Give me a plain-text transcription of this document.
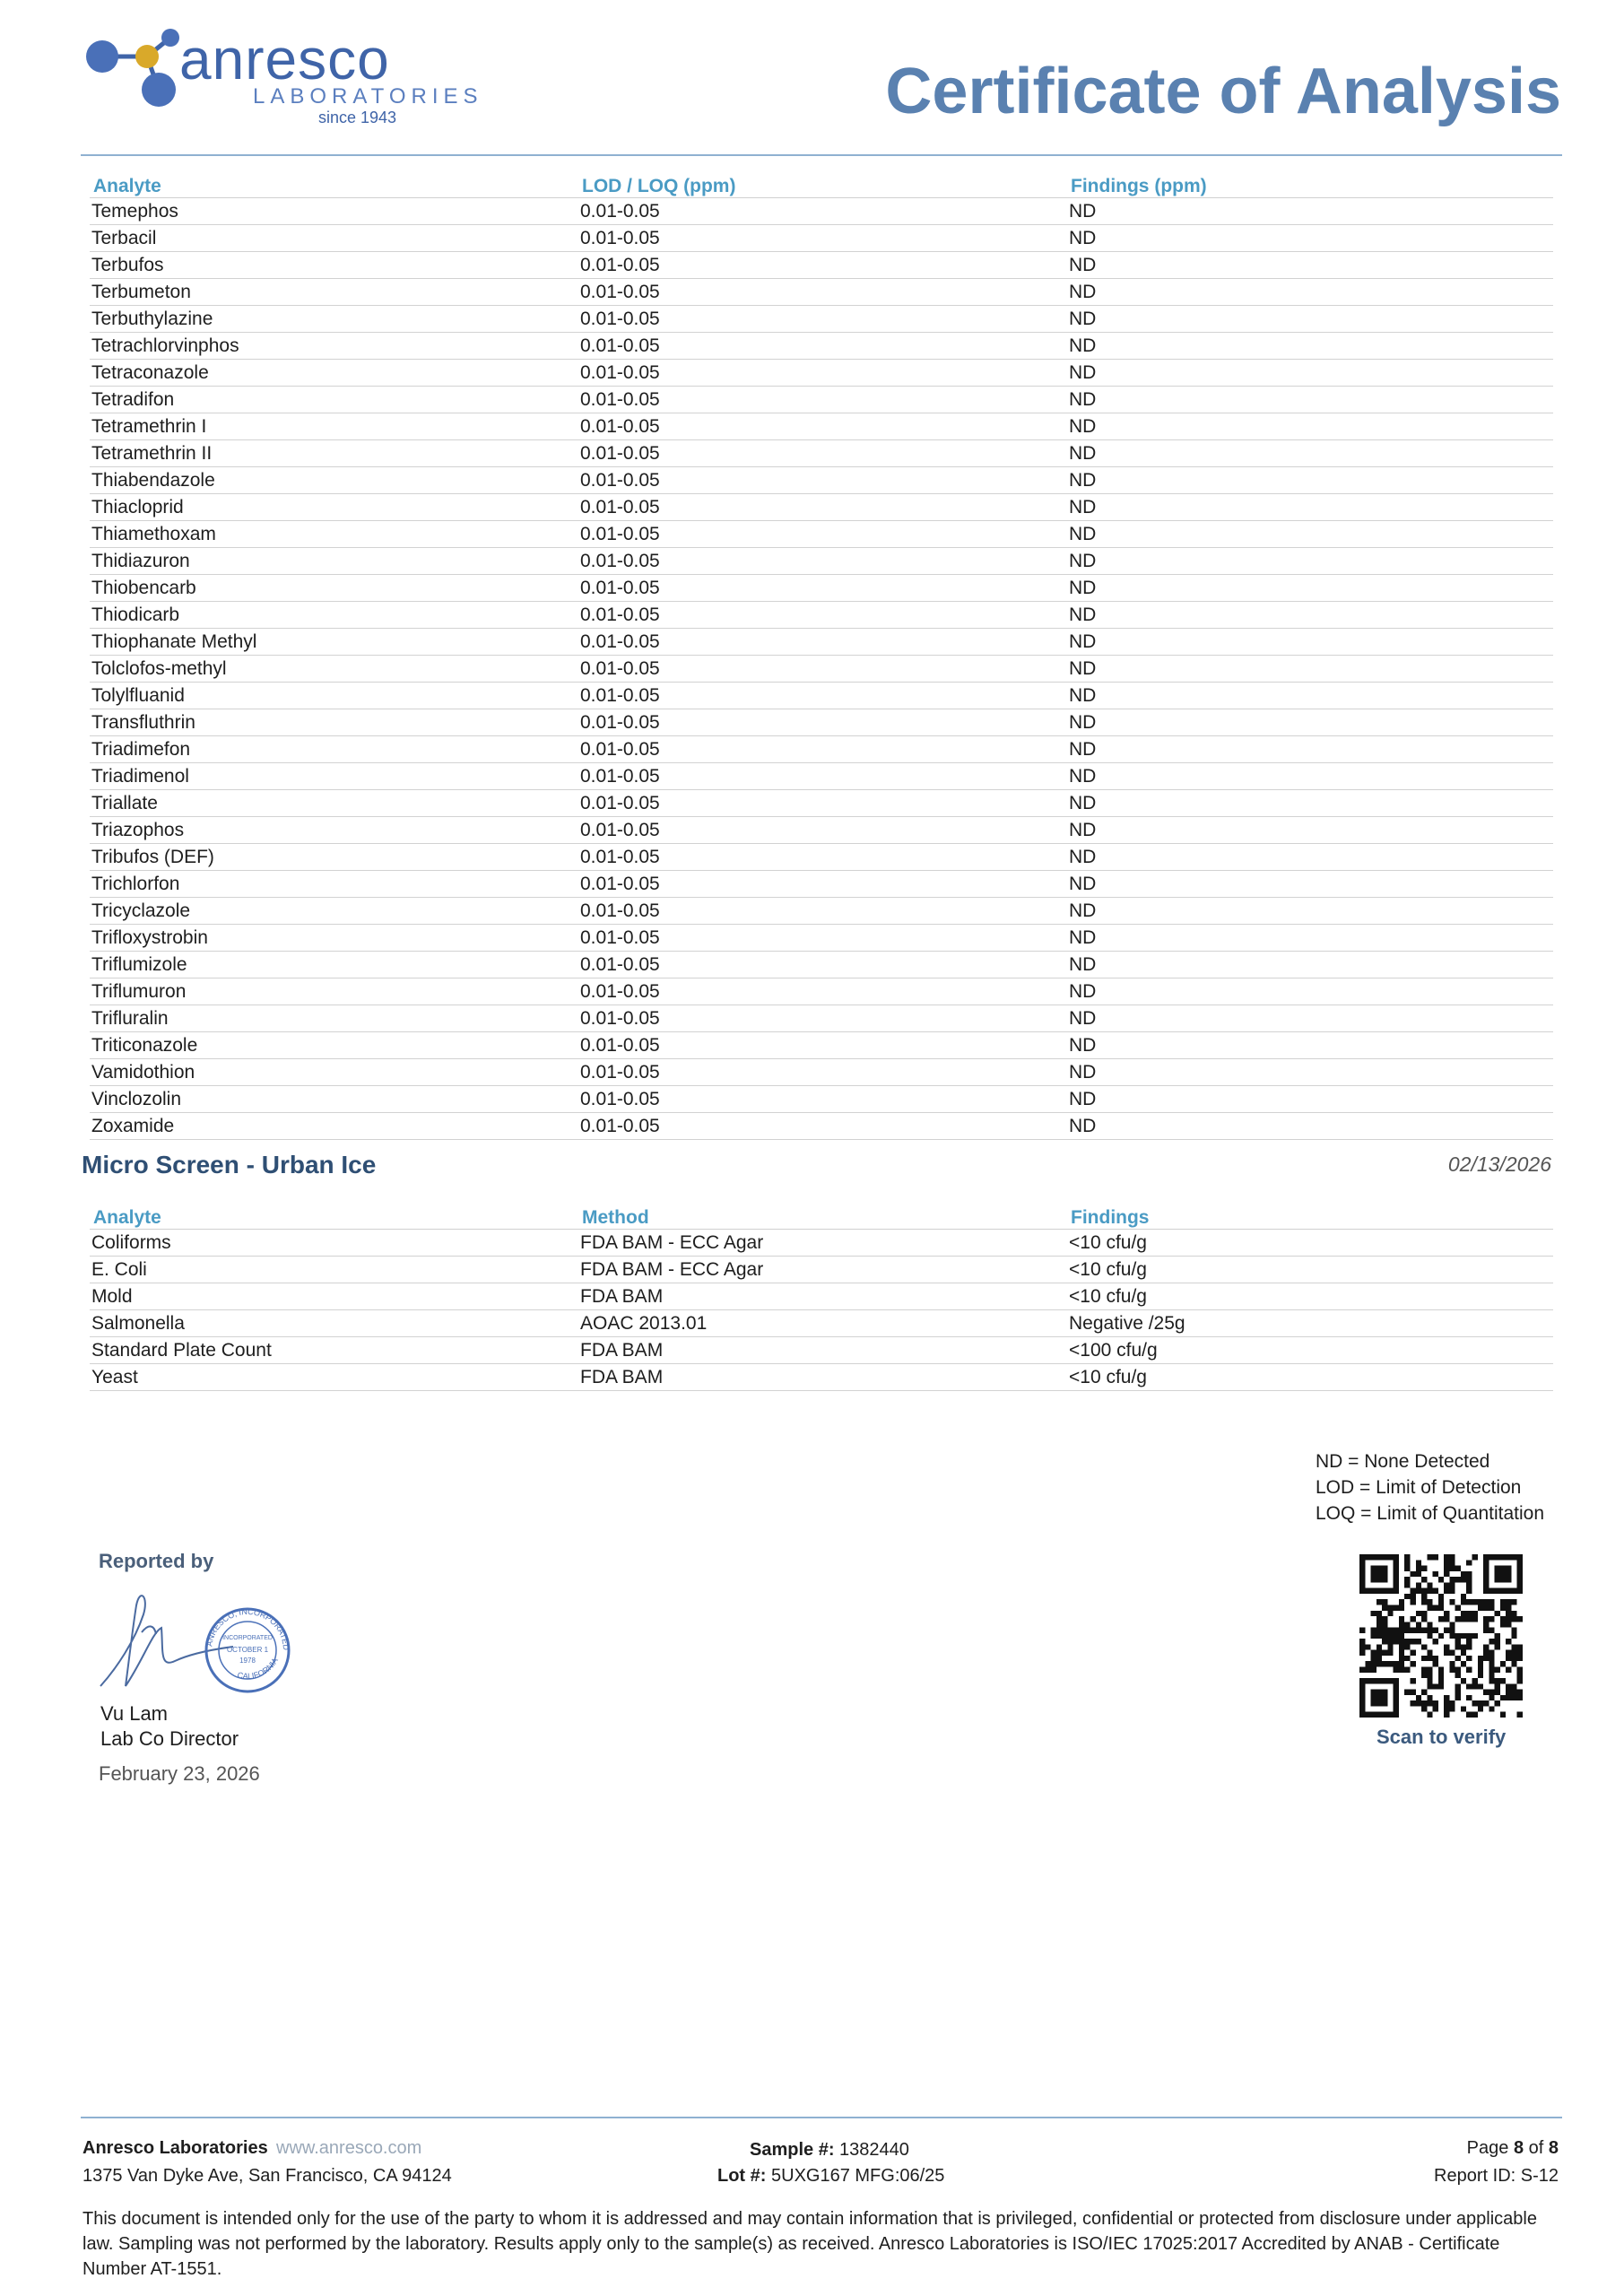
anresco
LABORATORIES
since 1943	Certificate of Analysis
Analyte	LOD / LOQ (ppm)	Findings (ppm)
Temephos	0.01-0.05	ND
Terbacil	0.01-0.05	ND
Terbufos	0.01-0.05	ND
Terbumeton	0.01-0.05	ND
Terbuthylazine	0.01-0.05	ND
Tetrachlorvinphos	0.01-0.05	ND
Tetraconazole	0.01-0.05	ND
Tetradifon	0.01-0.05	ND
Tetramethrin I	0.01-0.05	ND
Tetramethrin II	0.01-0.05	ND
Thiabendazole	0.01-0.05	ND
Thiacloprid	0.01-0.05	ND
Thiamethoxam	0.01-0.05	ND
Thidiazuron	0.01-0.05	ND
Thiobencarb	0.01-0.05	ND
Thiodicarb	0.01-0.05	ND
Thiophanate Methyl	0.01-0.05	ND
Tolclofos-methyl	0.01-0.05	ND
Tolylfluanid	0.01-0.05	ND
Transfluthrin	0.01-0.05	ND
Triadimefon	0.01-0.05	ND
Triadimenol	0.01-0.05	ND
Triallate	0.01-0.05	ND
Triazophos	0.01-0.05	ND
Tribufos (DEF)	0.01-0.05	ND
Trichlorfon	0.01-0.05	ND
Tricyclazole	0.01-0.05	ND
Trifloxystrobin	0.01-0.05	ND
Triflumizole	0.01-0.05	ND
Triflumuron	0.01-0.05	ND
Trifluralin	0.01-0.05	ND
Triticonazole	0.01-0.05	ND
Vamidothion	0.01-0.05	ND
Vinclozolin	0.01-0.05	ND
Zoxamide	0.01-0.05	ND
Micro Screen - Urban Ice	02/13/2026
Analyte	Method	Findings
Coliforms	FDA BAM - ECC Agar	<10 cfu/g
E. Coli	FDA BAM - ECC Agar	<10 cfu/g
Mold	FDA BAM	<10 cfu/g
Salmonella	AOAC 2013.01	Negative /25g
Standard Plate Count	FDA BAM	<100 cfu/g
Yeast	FDA BAM	<10 cfu/g
ND = None Detected
LOD = Limit of Detection
LOQ = Limit of Quantitation
Reported by
ANRESCO, INCORPORATED
CALIFORNIA
INCORPORATED
OCTOBER 1
1978
Vu Lam
Lab Co Director
February 23, 2026
Scan to verify
Anresco Laboratories www.anresco.com
1375 Van Dyke Ave, San Francisco, CA 94124
Sample #: 1382440
Lot #: 5UXG167 MFG:06/25
Page 8 of 8
Report ID: S-12
This document is intended only for the use of the party to whom it is addressed and may contain information that is privileged, confidential or protected from disclosure under applicable law. Sampling was not performed by the laboratory. Results apply only to the sample(s) as received. Anresco Laboratories is ISO/IEC 17025:2017 Accredited by ANAB - Certificate Number AT-1551.
